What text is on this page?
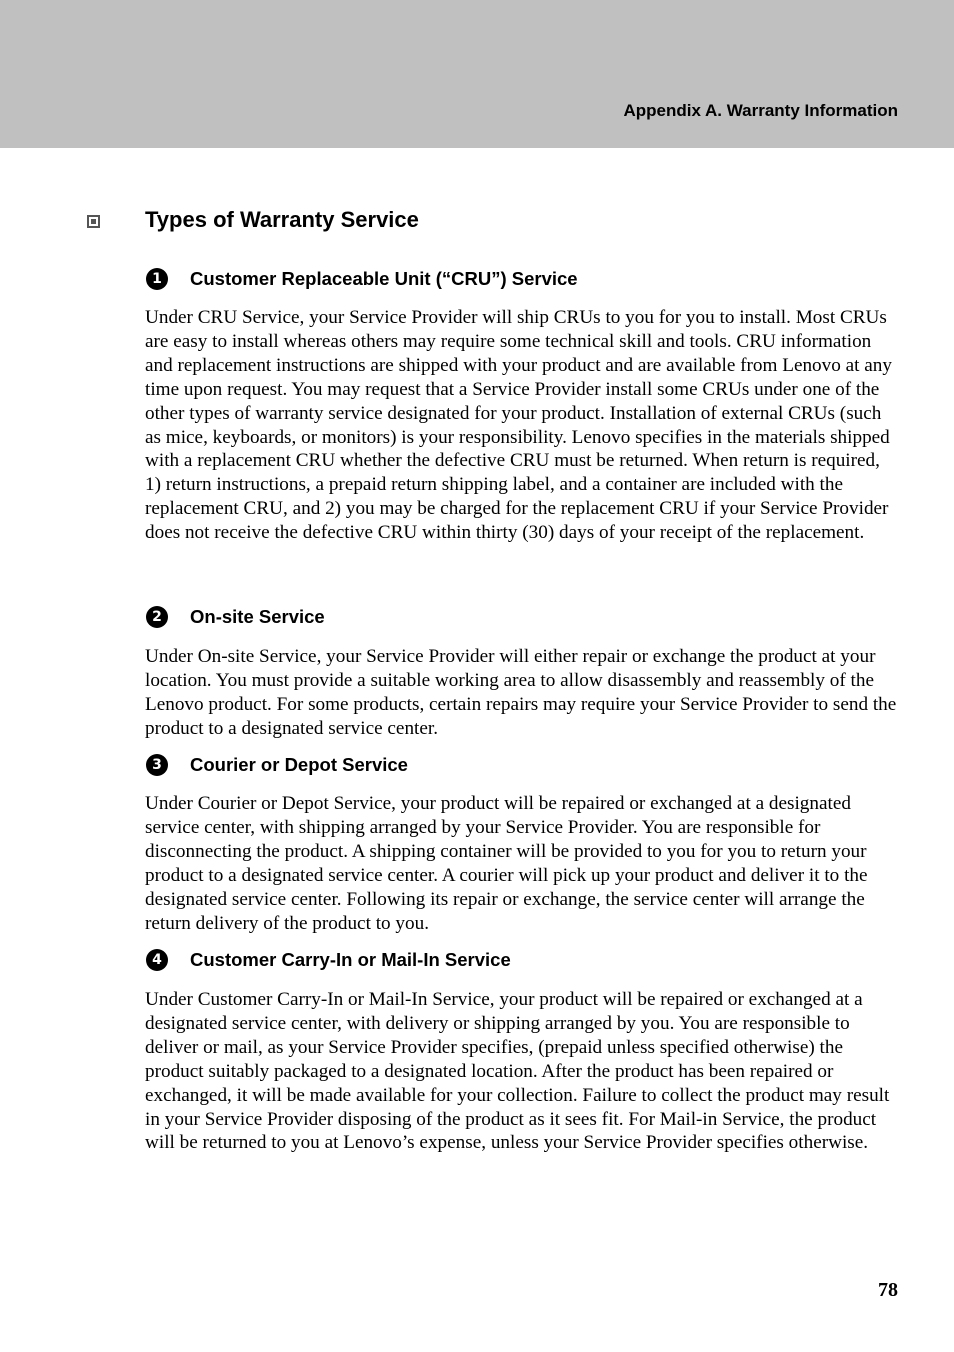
Appendix A. Warranty Information
Types of Warranty Service
1	Customer Replaceable Unit (“CRU”) Service

Under CRU Service, your Service Provider will ship CRUs to you for you to install. Most CRUs are easy to install whereas others may require some technical skill and tools. CRU information and replacement instructions are shipped with your product and are available from Lenovo at any time upon request. You may request that a Service Provider install some CRUs under one of the other types of warranty service designated for your product. Installation of external CRUs (such as mice, keyboards, or monitors) is your responsibility. Lenovo specifies in the materials shipped with a replacement CRU whether the defective CRU must be returned. When return is required, 1) return instructions, a prepaid return shipping label, and a container are included with the replacement CRU, and 2) you may be charged for the replacement CRU if your Service Provider does not receive the defective CRU within thirty (30) days of your receipt of the replacement.

2	On-site Service

Under On-site Service, your Service Provider will either repair or exchange the product at your location. You must provide a suitable working area to allow disassembly and reassembly of the Lenovo product. For some products, certain repairs may require your Service Provider to send the product to a designated service center.

3	Courier or Depot Service

Under Courier or Depot Service, your product will be repaired or exchanged at a designated service center, with shipping arranged by your Service Provider. You are responsible for disconnecting the product. A shipping container will be provided to you for you to return your product to a designated service center. A courier will pick up your product and deliver it to the designated service center. Following its repair or exchange, the service center will arrange the return delivery of the product to you.

4	Customer Carry-In or Mail-In Service

Under Customer Carry-In or Mail-In Service, your product will be repaired or exchanged at a designated service center, with delivery or shipping arranged by you. You are responsible to deliver or mail, as your Service Provider specifies, (prepaid unless specified otherwise) the product suitably packaged to a designated location. After the product has been repaired or exchanged, it will be made available for your collection. Failure to collect the product may result in your Service Provider disposing of the product as it sees fit. For Mail-in Service, the product will be returned to you at Lenovo’s expense, unless your Service Provider specifies otherwise.

78
